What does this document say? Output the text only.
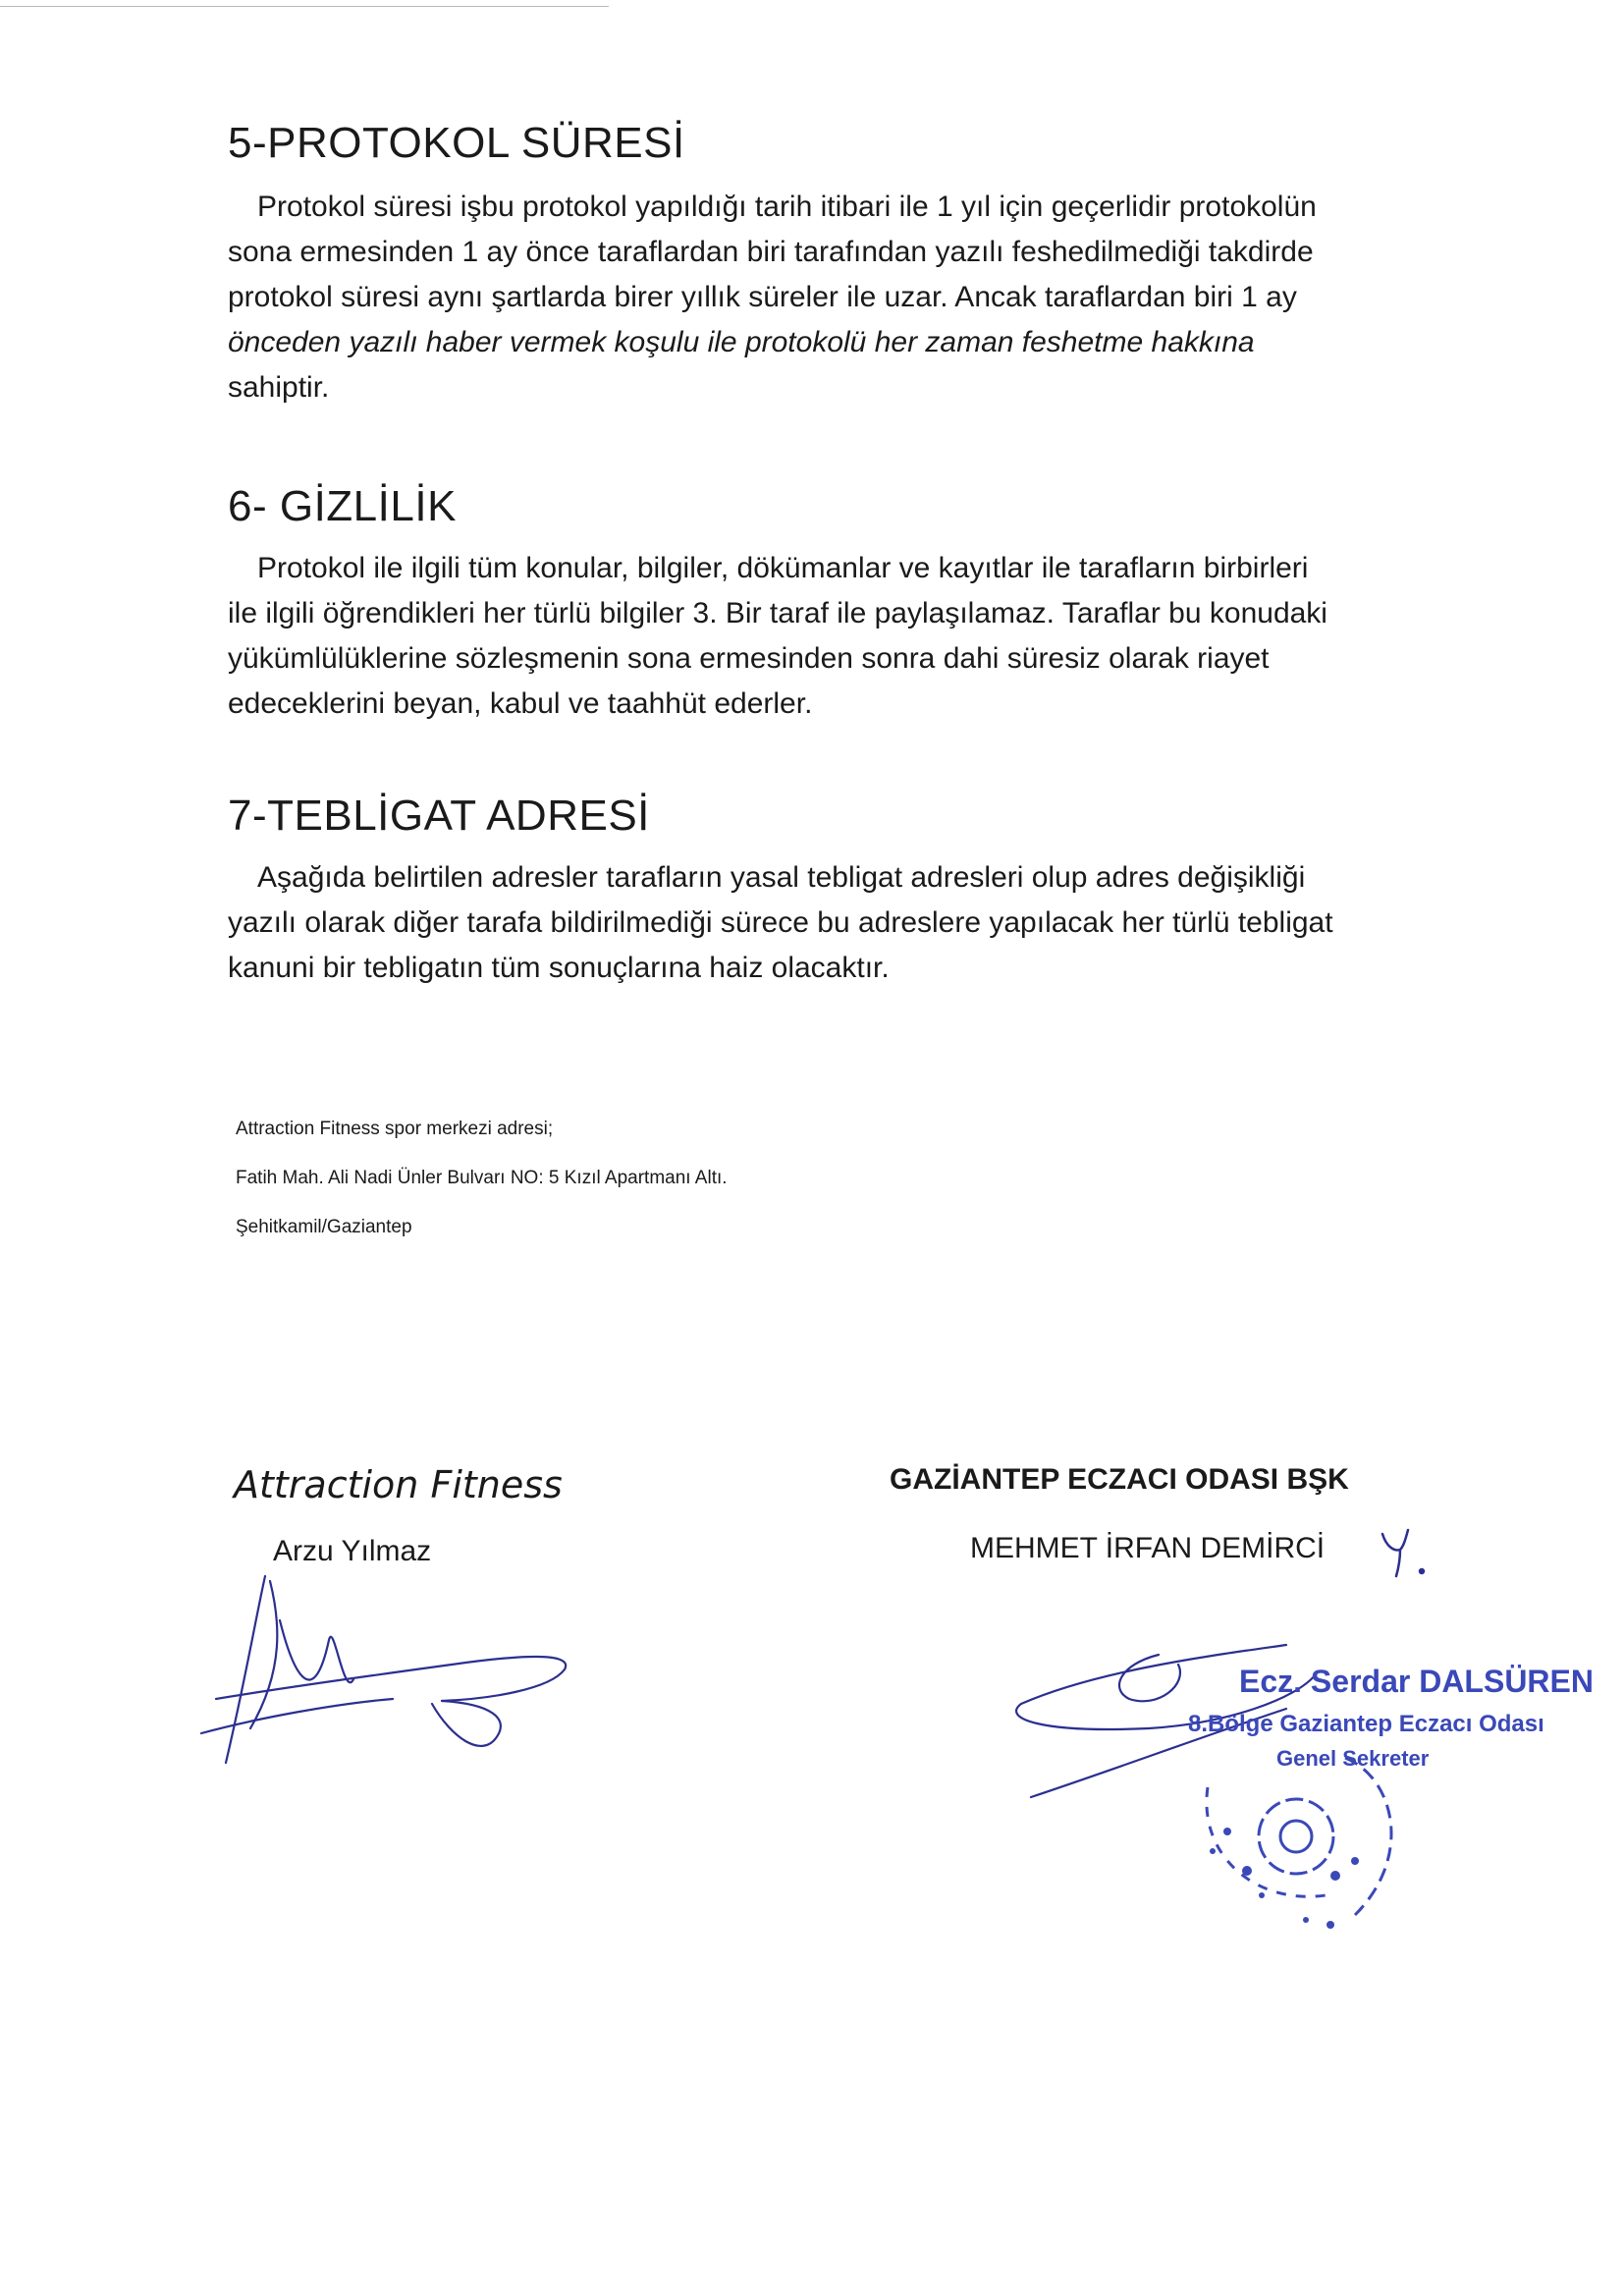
5-PROTOKOL SÜRESİ

Protokol süresi işbu protokol yapıldığı tarih itibari ile 1 yıl için geçerlidir protokolün

sona ermesinden 1 ay önce taraflardan biri tarafından yazılı feshedilmediği takdirde

protokol süresi aynı şartlarda birer yıllık süreler ile uzar. Ancak taraflardan biri 1 ay

önceden yazılı haber vermek koşulu ile protokolü her zaman feshetme hakkına

sahiptir.

6- GİZLİLİK

Protokol ile ilgili tüm konular, bilgiler, dökümanlar ve kayıtlar ile tarafların birbirleri

ile ilgili öğrendikleri her türlü bilgiler 3. Bir taraf ile paylaşılamaz. Taraflar bu konudaki

yükümlülüklerine sözleşmenin sona ermesinden sonra dahi süresiz olarak riayet

edeceklerini beyan, kabul ve taahhüt ederler.

7-TEBLİGAT ADRESİ

Aşağıda belirtilen adresler tarafların yasal tebligat adresleri olup adres değişikliği

yazılı olarak diğer tarafa bildirilmediği sürece bu adreslere yapılacak her türlü tebligat

kanuni bir tebligatın tüm sonuçlarına haiz olacaktır.

Attraction Fitness spor merkezi adresi;
Fatih Mah. Ali Nadi Ünler Bulvarı NO: 5 Kızıl Apartmanı Altı.
Şehitkamil/Gaziantep
Attraction Fitness
Arzu Yılmaz
GAZİANTEP ECZACI ODASI BŞK
MEHMET İRFAN DEMİRCİ
Ecz. Serdar DALSÜREN
8.Bölge Gaziantep Eczacı Odası
Genel Sekreter
